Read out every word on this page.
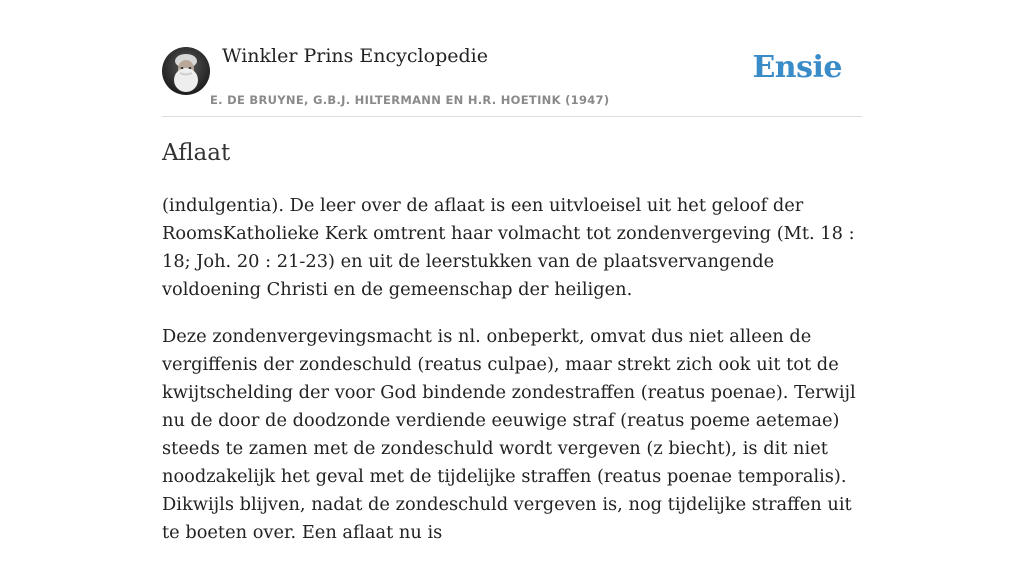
Winkler Prins Encyclopedie
E. DE BRUYNE, G.B.J. HILTERMANN EN H.R. HOETINK (1947)
Ensie
Aflaat

(indulgentia). De leer over de aflaat is een uitvloeisel uit het geloof der RoomsKatholieke Kerk omtrent haar volmacht tot zondenvergeving (Mt. 18 : 18; Joh. 20 : 21-23) en uit de leerstukken van de plaatsvervangende voldoening Christi en de gemeenschap der heiligen.

Deze zondenvergevingsmacht is nl. onbeperkt, omvat dus niet alleen de vergiffenis der zondeschuld (reatus culpae), maar strekt zich ook uit tot de kwijtschelding der voor God bindende zondestraffen (reatus poenae). Terwijl nu de door de doodzonde verdiende eeuwige straf (reatus poeme aetemae) steeds te zamen met de zondeschuld wordt vergeven (z biecht), is dit niet noodzakelijk het geval met de tijdelijke straffen (reatus poenae temporalis). Dikwijls blijven, nadat de zondeschuld vergeven is, nog tijdelijke straffen uit te boeten over. Een aflaat nu is
